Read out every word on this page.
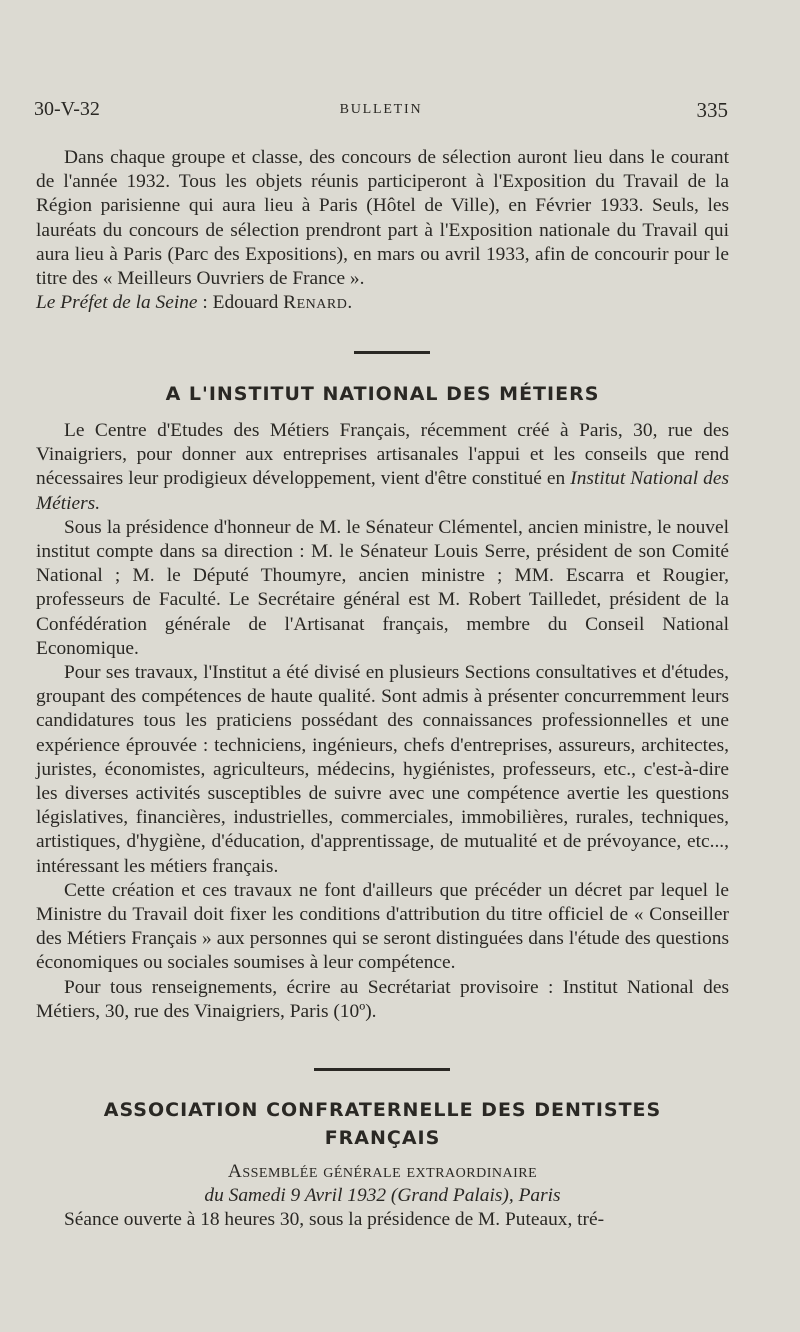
30-V-32	BULLETIN	335

Dans chaque groupe et classe, des concours de sélection auront lieu dans le courant de l'année 1932. Tous les objets réunis participeront à l'Exposition du Travail de la Région parisienne qui aura lieu à Paris (Hôtel de Ville), en Février 1933. Seuls, les lauréats du concours de sélection prendront part à l'Exposition nationale du Travail qui aura lieu à Paris (Parc des Expositions), en mars ou avril 1933, afin de concourir pour le titre des « Meilleurs Ouvriers de France ».

Le Préfet de la Seine : Edouard Renard.

A L'INSTITUT NATIONAL DES MÉTIERS

Le Centre d'Etudes des Métiers Français, récemment créé à Paris, 30, rue des Vinaigriers, pour donner aux entreprises artisanales l'appui et les conseils que rend nécessaires leur prodigieux développement, vient d'être constitué en Institut National des Métiers.

Sous la présidence d'honneur de M. le Sénateur Clémentel, ancien ministre, le nouvel institut compte dans sa direction : M. le Sénateur Louis Serre, président de son Comité National ; M. le Député Thoumyre, ancien ministre ; MM. Escarra et Rougier, professeurs de Faculté. Le Secrétaire général est M. Robert Tailledet, président de la Confédération générale de l'Artisanat français, membre du Conseil National Economique.

Pour ses travaux, l'Institut a été divisé en plusieurs Sections consultatives et d'études, groupant des compétences de haute qualité. Sont admis à présenter concurremment leurs candidatures tous les praticiens possédant des connaissances professionnelles et une expérience éprouvée : techniciens, ingénieurs, chefs d'entreprises, assureurs, architectes, juristes, économistes, agriculteurs, médecins, hygiénistes, professeurs, etc., c'est-à-dire les diverses activités susceptibles de suivre avec une compétence avertie les questions législatives, financières, industrielles, commerciales, immobilières, rurales, techniques, artistiques, d'hygiène, d'éducation, d'apprentissage, de mutualité et de prévoyance, etc..., intéressant les métiers français.

Cette création et ces travaux ne font d'ailleurs que précéder un décret par lequel le Ministre du Travail doit fixer les conditions d'attribution du titre officiel de « Conseiller des Métiers Français » aux personnes qui se seront distinguées dans l'étude des questions économiques ou sociales soumises à leur compétence.

Pour tous renseignements, écrire au Secrétariat provisoire : Institut National des Métiers, 30, rue des Vinaigriers, Paris (10º).

ASSOCIATION CONFRATERNELLE DES DENTISTES
FRANÇAIS

Assemblée générale extraordinaire

du Samedi 9 Avril 1932 (Grand Palais), Paris

Séance ouverte à 18 heures 30, sous la présidence de M. Puteaux, tré-
